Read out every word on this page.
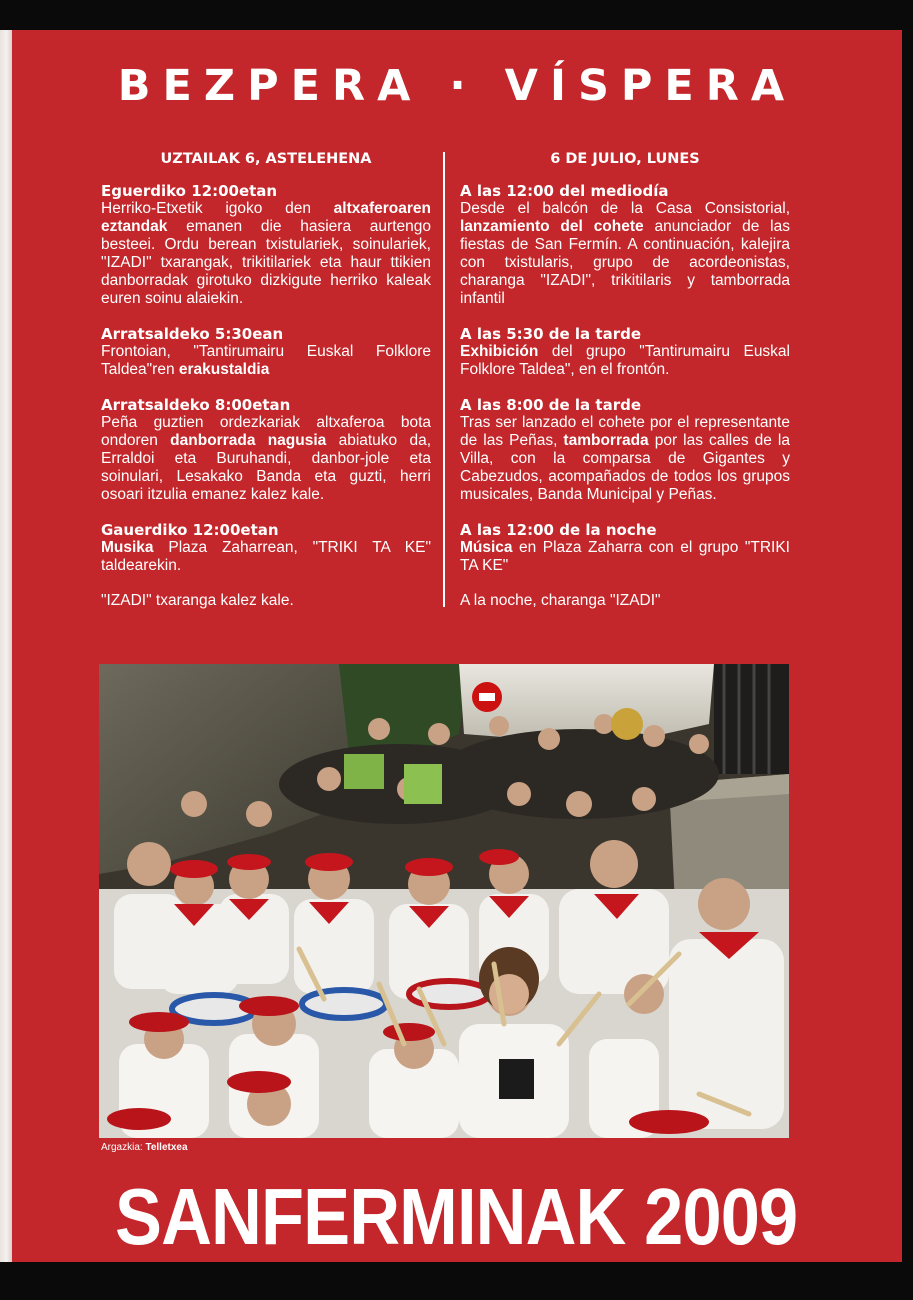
BEZPERA · VÍSPERA
UZTAILAK 6, ASTELEHENA
Eguerdiko 12:00etan
Herriko-Etxetik igoko den altxaferoaren eztandak emanen die hasiera aurtengo besteei. Ordu berean txistulariek, soinulariek, "IZADI" txarangak, trikitilariek eta haur ttikien danborradak girotuko dizkigute herriko kaleak euren soinu alaiekin.
Arratsaldeko 5:30ean
Frontoian, "Tantirumairu Euskal Folklore Taldea"ren erakustaldia
Arratsaldeko 8:00etan
Peña guztien ordezkariak altxaferoa bota ondoren danborrada nagusia abiatuko da, Erraldoi eta Buruhandi, danbor-jole eta soinulari, Lesakako Banda eta guzti, herri osoari itzulia emanez kalez kale.
Gauerdiko 12:00etan
Musika Plaza Zaharrean, "TRIKI TA KE" taldearekin.
"IZADI" txaranga kalez kale.
6 DE JULIO, LUNES
A las 12:00 del mediodía
Desde el balcón de la Casa Consistorial, lanzamiento del cohete anunciador de las fiestas de San Fermín. A continuación, kalejira con txistularis, grupo de acordeonistas, charanga "IZADI", trikitilaris y tamborrada infantil
A las 5:30 de la tarde
Exhibición del grupo "Tantirumairu Euskal Folklore Taldea", en el frontón.
A las 8:00 de la tarde
Tras ser lanzado el cohete por el representante de las Peñas, tamborrada por las calles de la Villa, con la comparsa de Gigantes y Cabezudos, acompañados de todos los grupos musicales, Banda Municipal y Peñas.
A las 12:00 de la noche
Música en Plaza Zaharra con el grupo "TRIKI TA KE"
A la noche, charanga "IZADI"
Argazkia: Telletxea
SANFERMINAK 2009
